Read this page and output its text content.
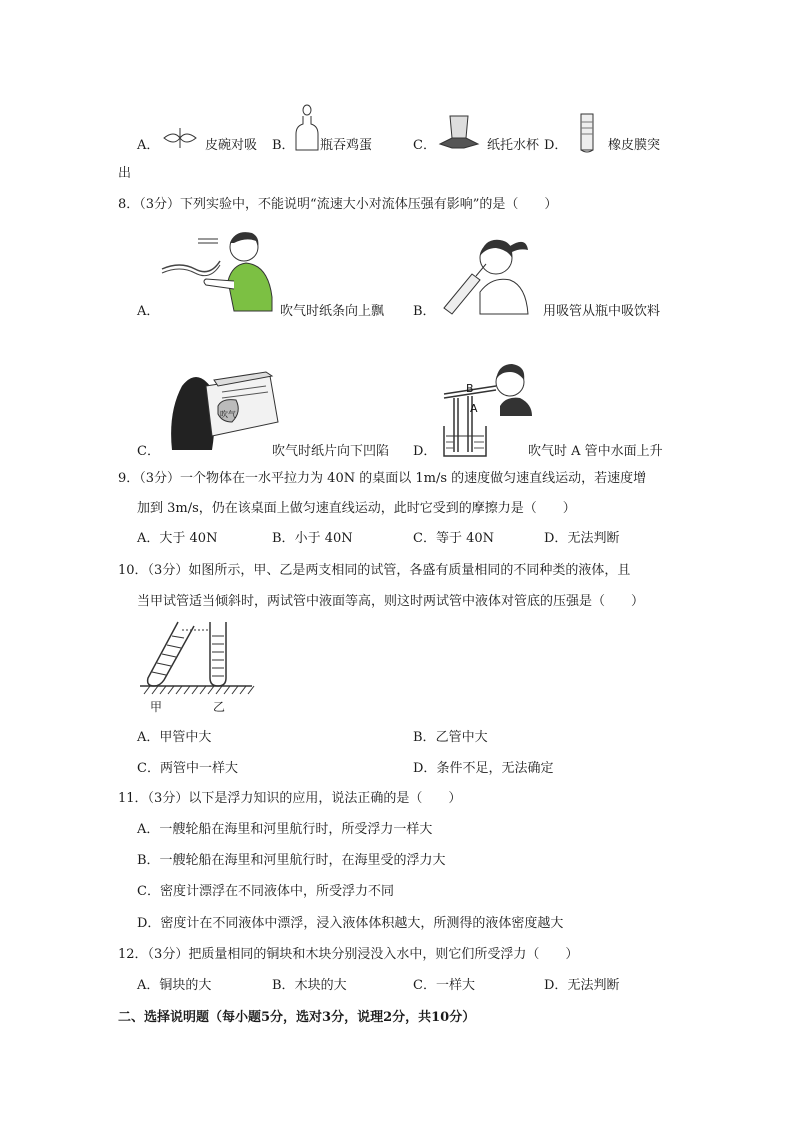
A．	皮碗对吸 B． 瓶吞鸡蛋	C．	纸托水杯 D．	橡皮膜突
出
8．（3分）下列实验中，不能说明“流速大小对流体压强有影响”的是（　　）
A．	吹气时纸条向上飘 B．	用吸管从瓶中吸饮料
吹气
C．	吹气时纸片向下凹陷
B
A
D．	吹气时 A 管中水面上升
9．（3分）一个物体在一水平拉力为 40N 的桌面以 1m/s 的速度做匀速直线运动，若速度增
加到 3m/s，仍在该桌面上做匀速直线运动，此时它受到的摩擦力是（　　）
A．大于 40N	B．小于 40N	C．等于 40N	D．无法判断
10．（3分）如图所示，甲、乙是两支相同的试管，各盛有质量相同的不同种类的液体，且
当甲试管适当倾斜时，两试管中液面等高，则这时两试管中液体对管底的压强是（　　）
甲	乙
A．甲管中大	B．乙管中大
C．两管中一样大	D．条件不足，无法确定
11．（3分）以下是浮力知识的应用，说法正确的是（　　）
A．一艘轮船在海里和河里航行时，所受浮力一样大
B．一艘轮船在海里和河里航行时，在海里受的浮力大
C．密度计漂浮在不同液体中，所受浮力不同
D．密度计在不同液体中漂浮，浸入液体体积越大，所测得的液体密度越大
12．（3分）把质量相同的铜块和木块分别浸没入水中，则它们所受浮力（　　）
A．铜块的大	B．木块的大	C．一样大	D．无法判断
二、选择说明题（每小题5分，选对3分，说理2分，共10分）
